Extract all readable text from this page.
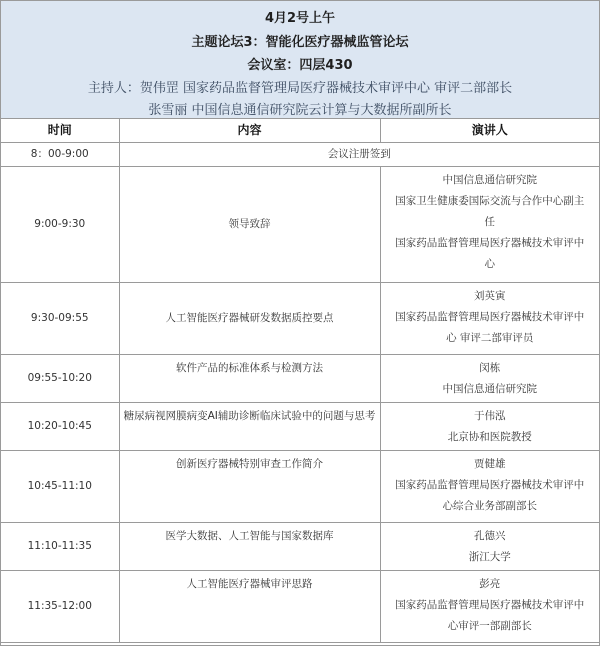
4月2号上午
主题论坛3：智能化医疗器械监管论坛
会议室：四层430
主持人：贺伟罡 国家药品监督管理局医疗器械技术审评中心 审评二部部长
张雪丽 中国信息通信研究院云计算与大数据所副所长
时间	内容	演讲人
8：00-9:00	会议注册签到	
9:00-9:30	领导致辞	中国信息通信研究院
国家卫生健康委国际交流与合作中心副主
任
国家药品监督管理局医疗器械技术审评中
心

9:30-09:55	人工智能医疗器械研发数据质控要点	刘英寅
国家药品监督管理局医疗器械技术审评中
心 审评二部审评员

09:55-10:20	软件产品的标准体系与检测方法	闵栋
中国信息通信研究院

10:20-10:45	糖尿病视网膜病变AI辅助诊断临床试验中的问题与思考	于伟泓
北京协和医院教授

10:45-11:10	创新医疗器械特别审查工作简介	贾健雄
国家药品监督管理局医疗器械技术审评中
心综合业务部副部长

11:10-11:35	医学大数据、人工智能与国家数据库	孔德兴
浙江大学

11:35-12:00	人工智能医疗器械审评思路	彭亮
国家药品监督管理局医疗器械技术审评中
心审评一部副部长
